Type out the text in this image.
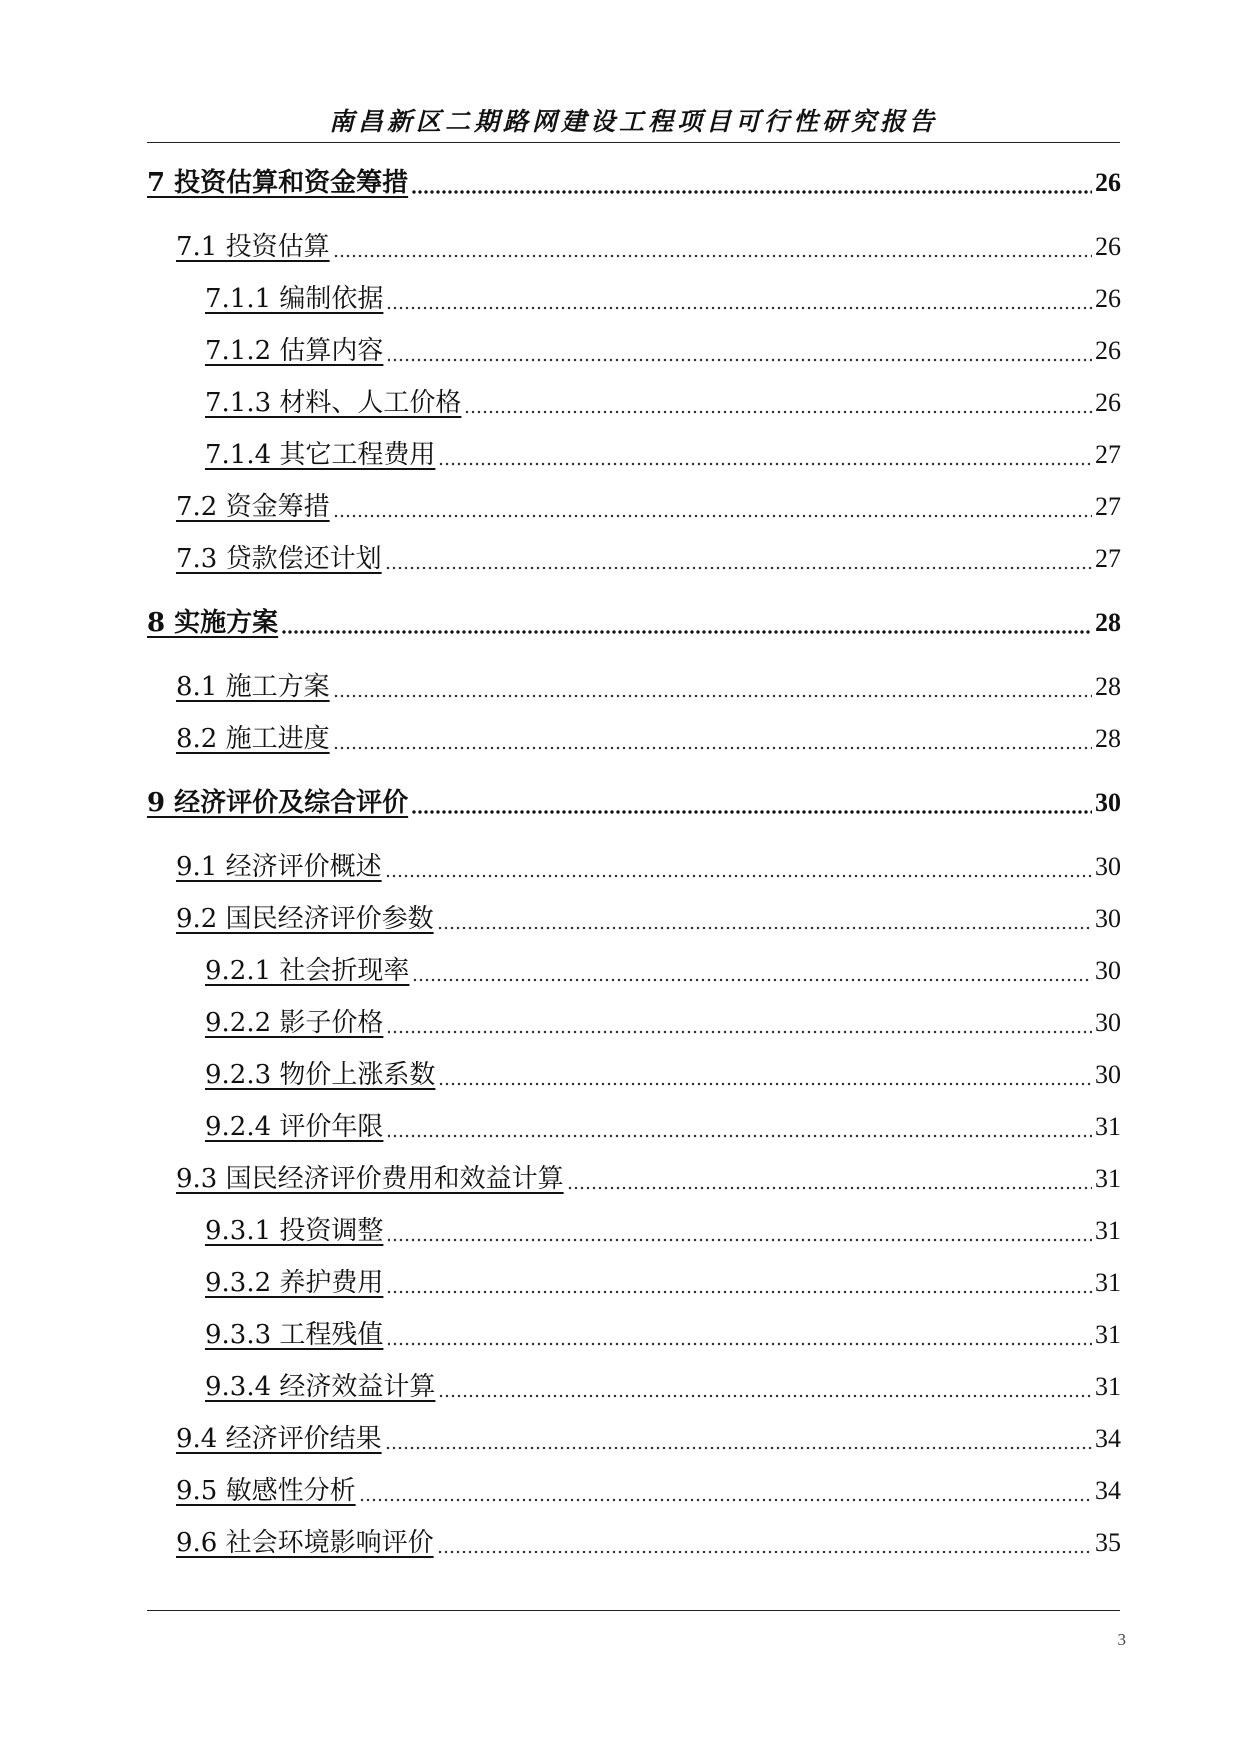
南昌新区二期路网建设工程项目可行性研究报告
7 投资估算和资金筹措	26
7.1 投资估算	26
7.1.1 编制依据	26
7.1.2 估算内容	26
7.1.3 材料、人工价格	26
7.1.4 其它工程费用	27
7.2 资金筹措	27
7.3 贷款偿还计划	27
8 实施方案	28
8.1 施工方案	28
8.2 施工进度	28
9 经济评价及综合评价	30
9.1 经济评价概述	30
9.2 国民经济评价参数	30
9.2.1 社会折现率	30
9.2.2 影子价格	30
9.2.3 物价上涨系数	30
9.2.4 评价年限	31
9.3 国民经济评价费用和效益计算	31
9.3.1 投资调整	31
9.3.2 养护费用	31
9.3.3 工程残值	31
9.3.4 经济效益计算	31
9.4 经济评价结果	34
9.5 敏感性分析	34
9.6 社会环境影响评价	35
3
